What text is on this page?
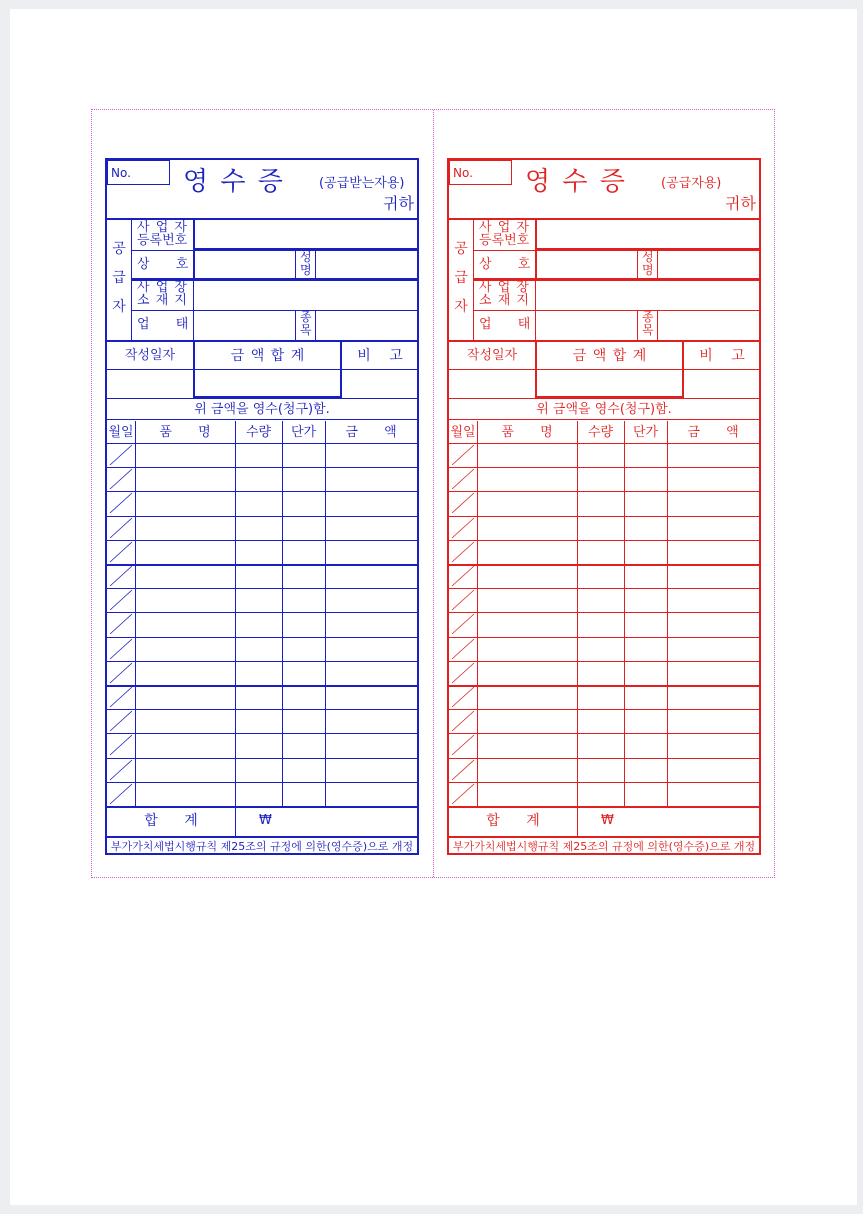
No. 영 수 증	(공급받는자용)
귀하
공
급
자
사 업 자
등록번호
상 호	성
명
사 업 장
소 재 지
업 태	종
목
작성일자	금 액 합 계	비 고
위 금액을 영수(청구)함.
월일	품 명	수량	단가	금 액
합 계	₩
부가가치세법시행규칙 제25조의 규정에 의한(영수증)으로 개정
No. 영 수 증	(공급자용)
귀하
공
급
자
사 업 자
등록번호
상 호	성
명
사 업 장
소 재 지
업 태	종
목
작성일자	금 액 합 계	비 고
위 금액을 영수(청구)함.
월일	품 명	수량	단가	금 액
합 계	₩
부가가치세법시행규칙 제25조의 규정에 의한(영수증)으로 개정
